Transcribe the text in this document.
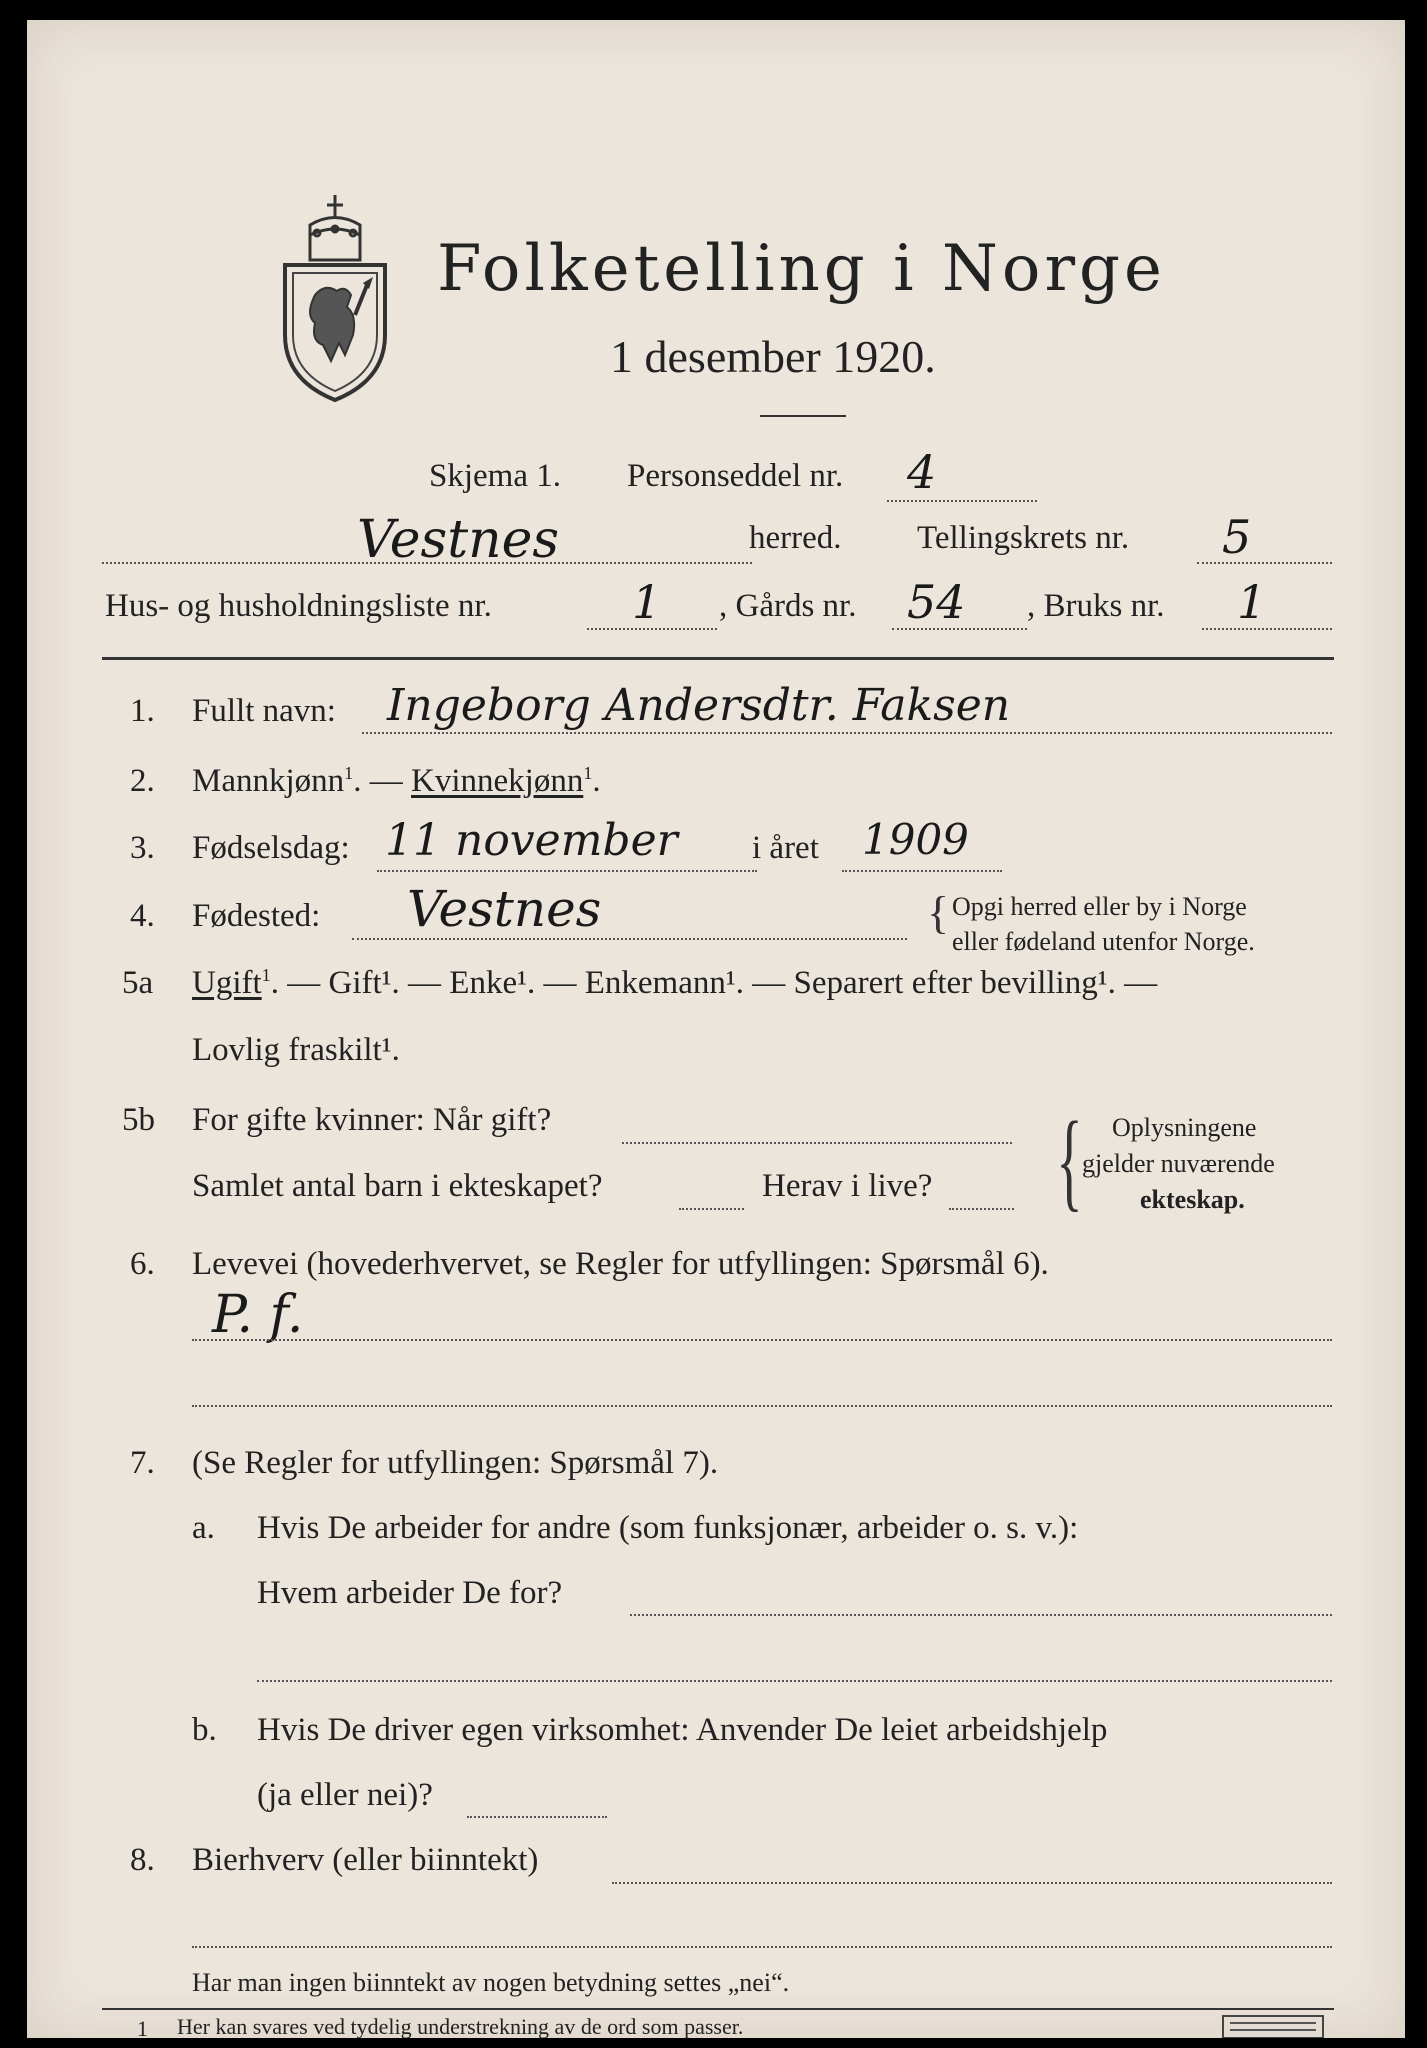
Folketelling i Norge
1 desember 1920.
Skjema 1. Personseddel nr. 4
Vestnes	herred. Tellingskrets nr. 5
Hus- og husholdningsliste nr.	1 , Gårds nr. 54 , Bruks nr. 1
1. Fullt navn: Ingeborg Andersdtr. Faksen
2. Mannkjønn$^1$. — Kvinnekjønn$^1$.
3. Fødselsdag: 11 november i året 1909
4. Fødested: Vestnes	{ Opgi herred eller by i Norge
eller fødeland utenfor Norge.
5a Ugift$^1$. — Gift¹. — Enke¹. — Enkemann¹. — Separert efter bevilling¹. —
Lovlig fraskilt¹.
5b For gifte kvinner: Når gift?
Samlet antal barn i ekteskapet?	Herav i live? { Oplysningene
gjelder nuværende
ekteskap.
6. Levevei (hovederhvervet, se Regler for utfyllingen: Spørsmål 6).
P. f.
7. (Se Regler for utfyllingen: Spørsmål 7).
a. Hvis De arbeider for andre (som funksjonær, arbeider o. s. v.):
Hvem arbeider De for?
b. Hvis De driver egen virksomhet: Anvender De leiet arbeidshjelp
(ja eller nei)?
8. Bierhverv (eller biinntekt)
Har man ingen biinntekt av nogen betydning settes „nei“.
1 Her kan svares ved tydelig understrekning av de ord som passer.
